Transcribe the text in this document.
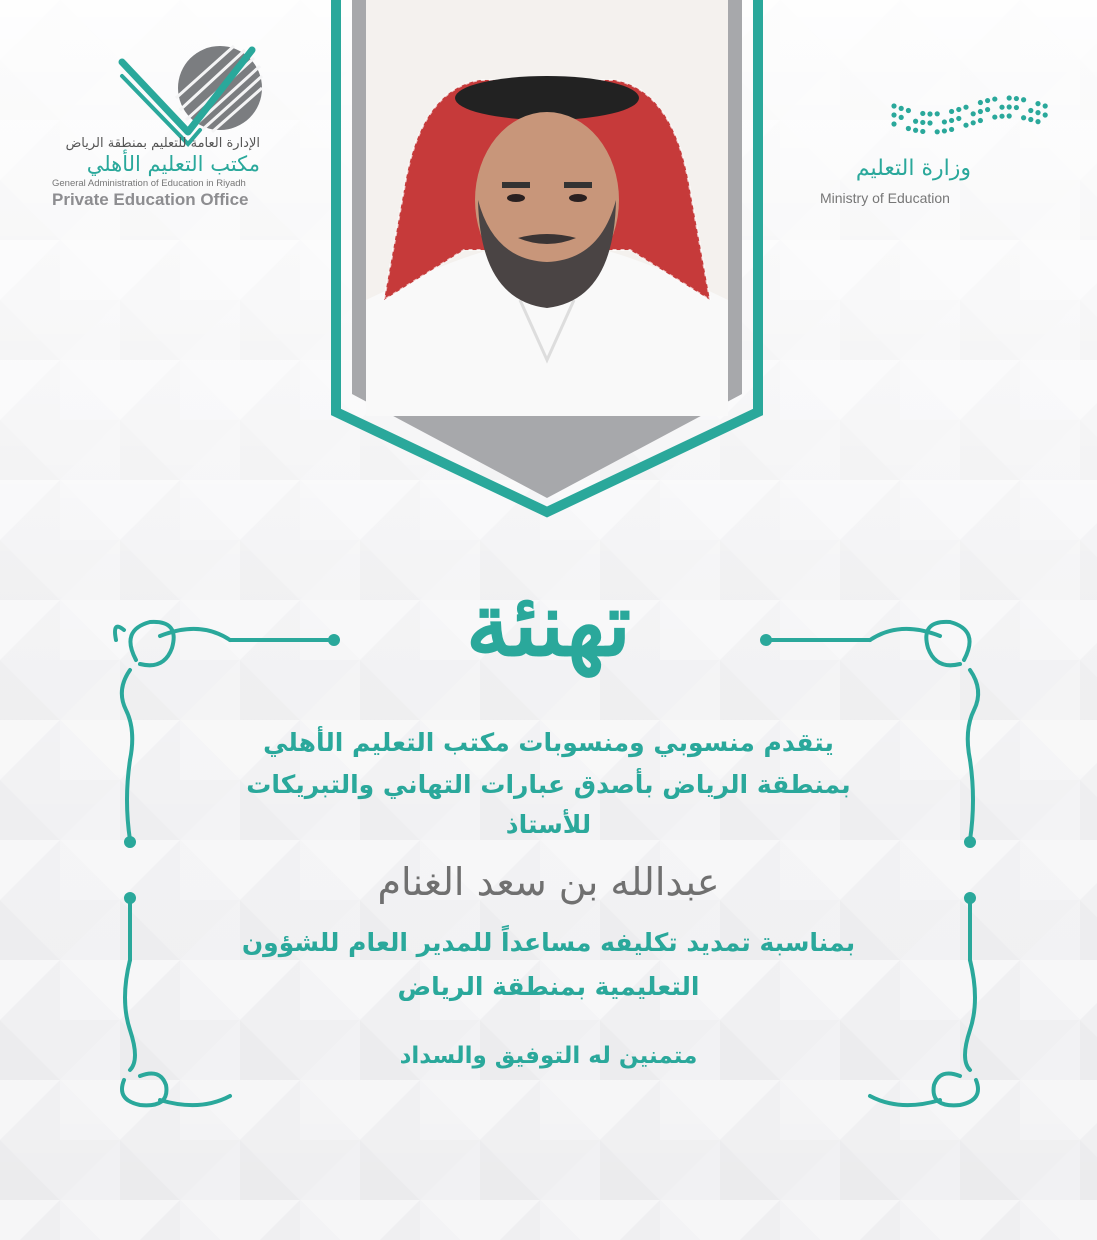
الإدارة العامة للتعليم بمنطقة الرياض
مكتب التعليم الأهلي
General Administration of Education in Riyadh
Private Education Office
وزارة التعليم
Ministry of Education
تهنئة
يتقدم منسوبي ومنسوبات مكتب التعليم الأهلي
بمنطقة الرياض بأصدق عبارات التهاني والتبريكات
للأستاذ
عبدالله بن سعد الغنام
بمناسبة تمديد تكليفه مساعداً للمدير العام للشؤون
التعليمية بمنطقة الرياض
متمنين له التوفيق والسداد
